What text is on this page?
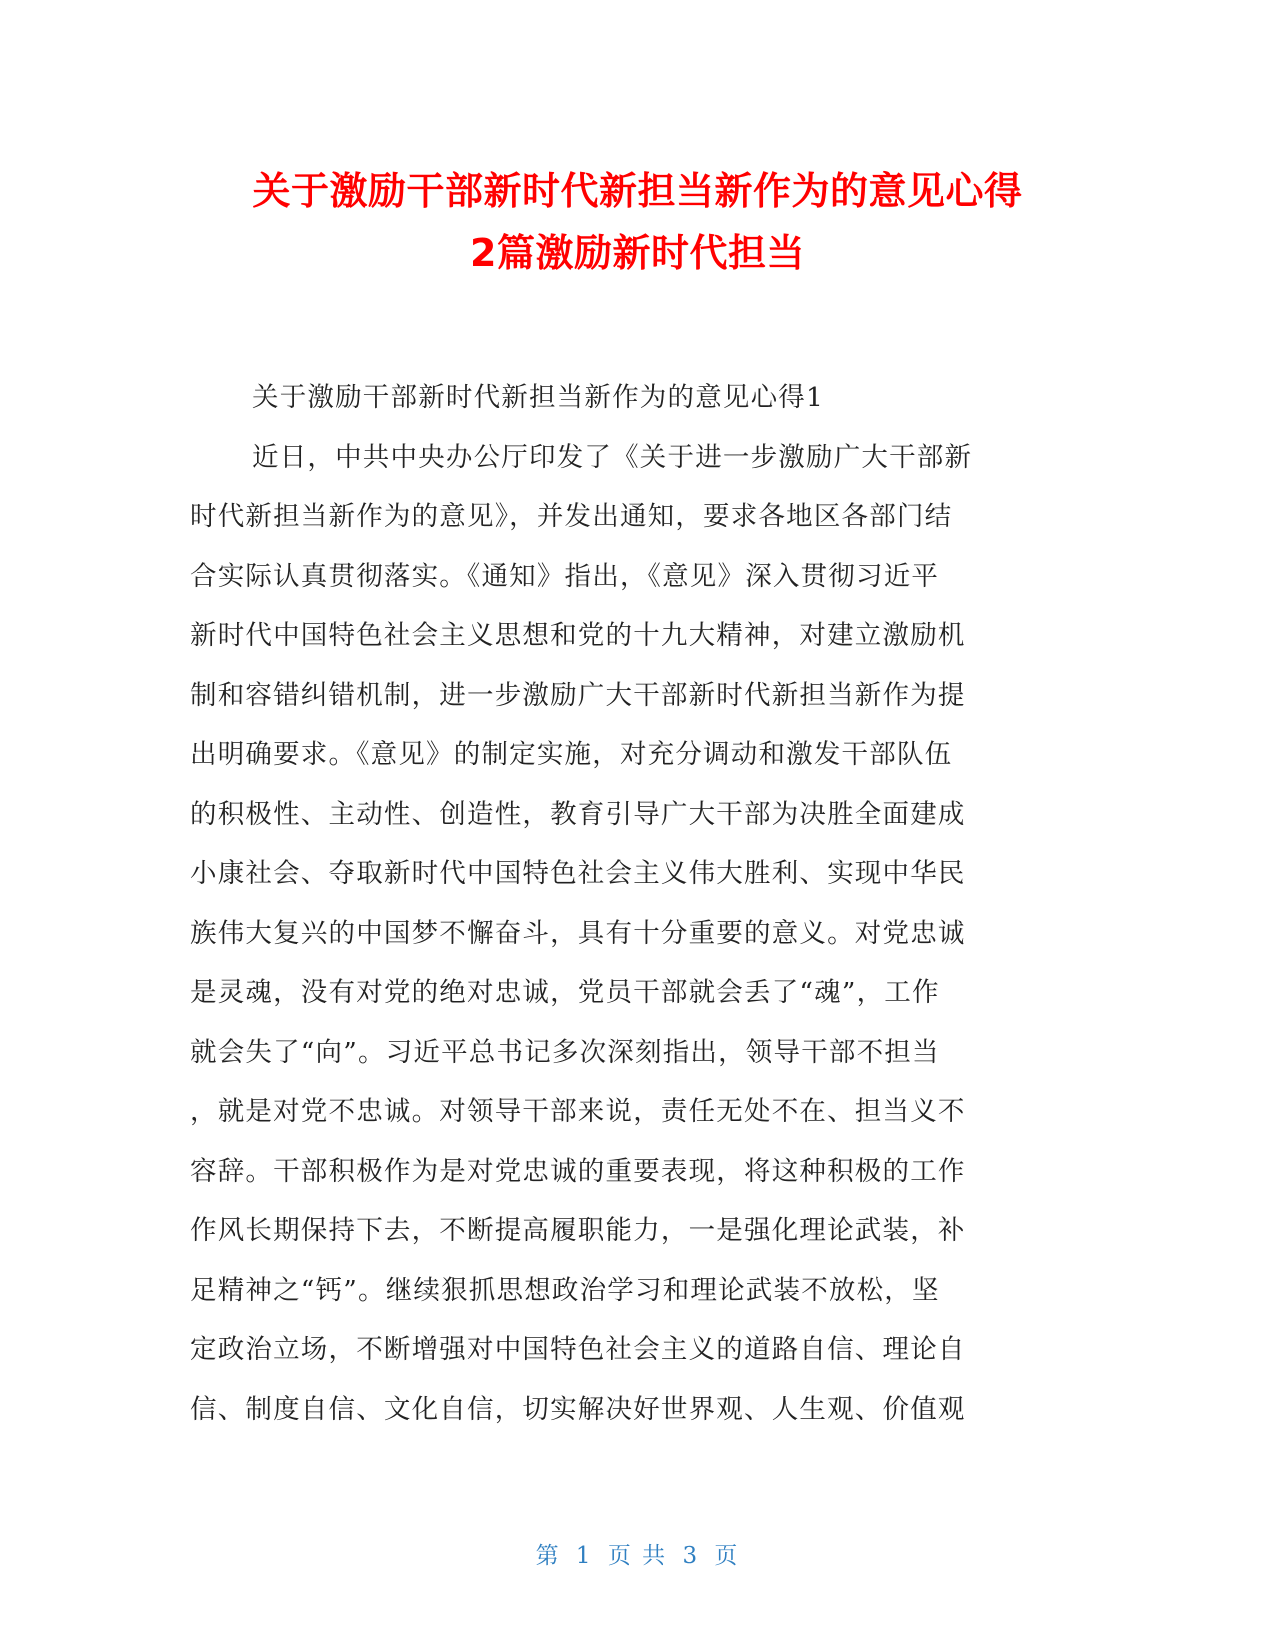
关于激励干部新时代新担当新作为的意见心得
2篇激励新时代担当
关于激励干部新时代新担当新作为的意见心得1
近日，中共中央办公厅印发了《关于进一步激励广大干部新
时代新担当新作为的意见》，并发出通知，要求各地区各部门结
合实际认真贯彻落实。《通知》指出，《意见》深入贯彻习近平
新时代中国特色社会主义思想和党的十九大精神，对建立激励机
制和容错纠错机制，进一步激励广大干部新时代新担当新作为提
出明确要求。《意见》的制定实施，对充分调动和激发干部队伍
的积极性、主动性、创造性，教育引导广大干部为决胜全面建成
小康社会、夺取新时代中国特色社会主义伟大胜利、实现中华民
族伟大复兴的中国梦不懈奋斗，具有十分重要的意义。对党忠诚
是灵魂，没有对党的绝对忠诚，党员干部就会丢了“魂”，工作
就会失了“向”。习近平总书记多次深刻指出，领导干部不担当
，就是对党不忠诚。对领导干部来说，责任无处不在、担当义不
容辞。干部积极作为是对党忠诚的重要表现，将这种积极的工作
作风长期保持下去，不断提高履职能力，一是强化理论武装，补
足精神之“钙”。继续狠抓思想政治学习和理论武装不放松，坚
定政治立场，不断增强对中国特色社会主义的道路自信、理论自
信、制度自信、文化自信，切实解决好世界观、人生观、价值观
第 1 页 共 3 页
